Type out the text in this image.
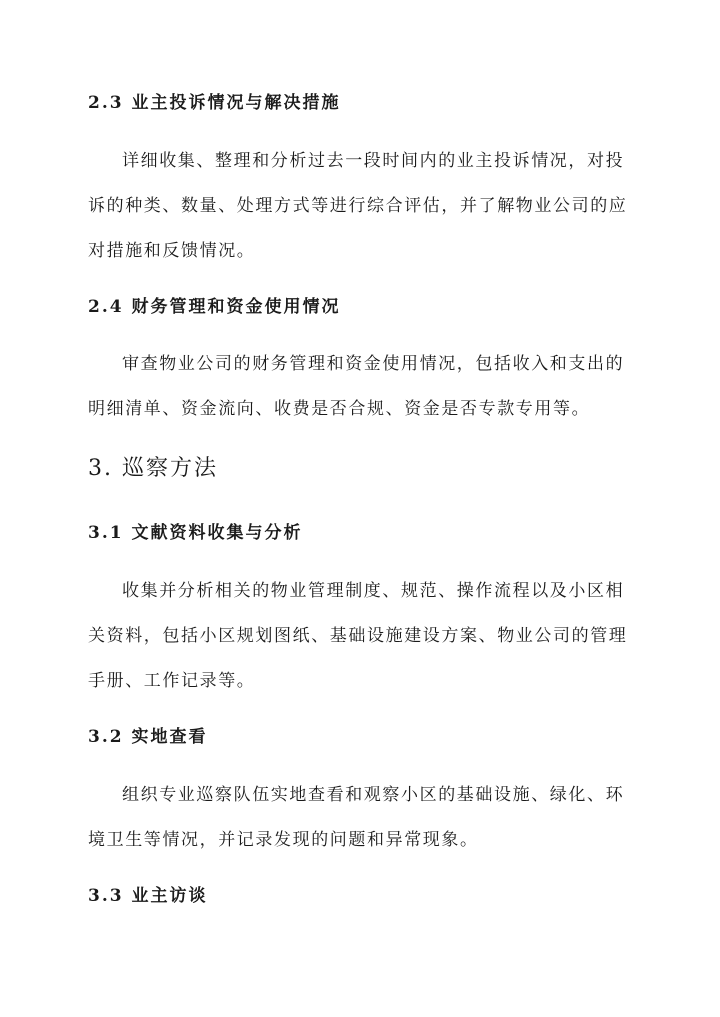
2.3 业主投诉情况与解决措施
详细收集、整理和分析过去一段时间内的业主投诉情况，对投
诉的种类、数量、处理方式等进行综合评估，并了解物业公司的应
对措施和反馈情况。
2.4 财务管理和资金使用情况
审查物业公司的财务管理和资金使用情况，包括收入和支出的
明细清单、资金流向、收费是否合规、资金是否专款专用等。
3. 巡察方法
3.1 文献资料收集与分析
收集并分析相关的物业管理制度、规范、操作流程以及小区相
关资料，包括小区规划图纸、基础设施建设方案、物业公司的管理
手册、工作记录等。
3.2 实地查看
组织专业巡察队伍实地查看和观察小区的基础设施、绿化、环
境卫生等情况，并记录发现的问题和异常现象。
3.3 业主访谈
